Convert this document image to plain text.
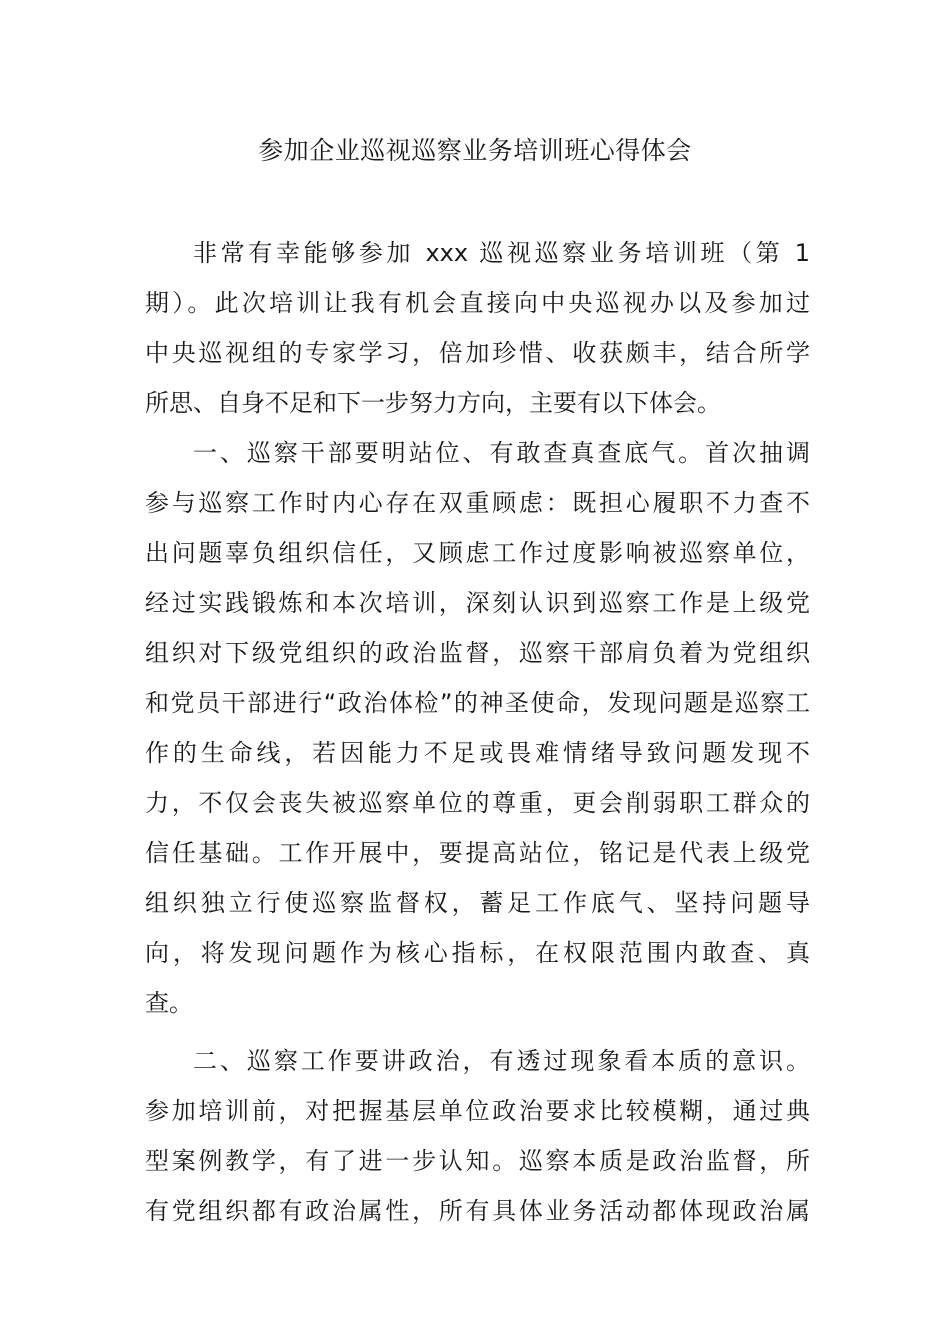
参加企业巡视巡察业务培训班心得体会
非常有幸能够参加 xxx 巡视巡察业务培训班（第 1
期）。此次培训让我有机会直接向中央巡视办以及参加过
中央巡视组的专家学习，倍加珍惜、收获颇丰，结合所学
所思、自身不足和下一步努力方向，主要有以下体会。
一、巡察干部要明站位、有敢查真查底气。首次抽调
参与巡察工作时内心存在双重顾虑：既担心履职不力查不
出问题辜负组织信任，又顾虑工作过度影响被巡察单位，
经过实践锻炼和本次培训，深刻认识到巡察工作是上级党
组织对下级党组织的政治监督，巡察干部肩负着为党组织
和党员干部进行“政治体检”的神圣使命，发现问题是巡察工
作的生命线，若因能力不足或畏难情绪导致问题发现不
力，不仅会丧失被巡察单位的尊重，更会削弱职工群众的
信任基础。工作开展中，要提高站位，铭记是代表上级党
组织独立行使巡察监督权，蓄足工作底气、坚持问题导
向，将发现问题作为核心指标，在权限范围内敢查、真
查。
二、巡察工作要讲政治，有透过现象看本质的意识。
参加培训前，对把握基层单位政治要求比较模糊，通过典
型案例教学，有了进一步认知。巡察本质是政治监督，所
有党组织都有政治属性，所有具体业务活动都体现政治属
